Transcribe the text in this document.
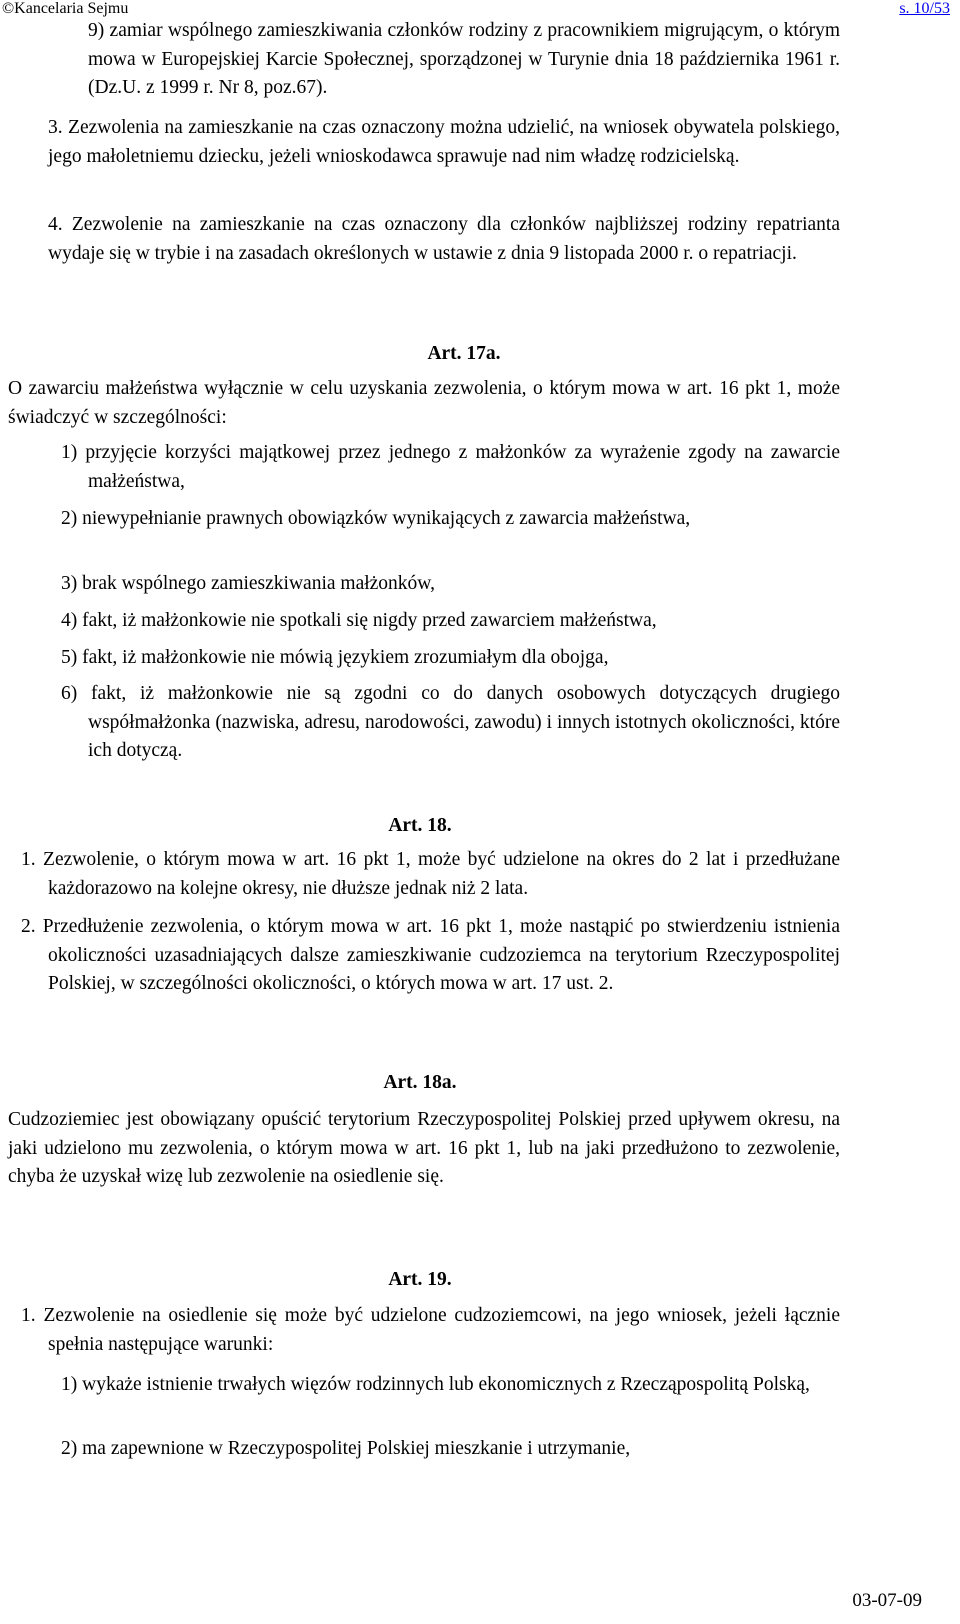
©Kancelaria Sejmu	s. 10/53

9) zamiar wspólnego zamieszkiwania członków rodziny z pracownikiem migrującym, o którym mowa w Europejskiej Karcie Społecznej, sporządzonej w Turynie dnia 18 października 1961 r. (Dz.U. z 1999 r. Nr 8, poz.67).

3. Zezwolenia na zamieszkanie na czas oznaczony można udzielić, na wniosek obywatela polskiego, jego małoletniemu dziecku, jeżeli wnioskodawca sprawuje nad nim władzę rodzicielską.

4. Zezwolenie na zamieszkanie na czas oznaczony dla członków najbliższej rodziny repatrianta wydaje się w trybie i na zasadach określonych w ustawie z dnia 9 listopada 2000 r. o repatriacji.

Art. 17a.

O zawarciu małżeństwa wyłącznie w celu uzyskania zezwolenia, o którym mowa w art. 16 pkt 1, może świadczyć w szczególności:

1) przyjęcie korzyści majątkowej przez jednego z małżonków za wyrażenie zgody na zawarcie małżeństwa,

2) niewypełnianie prawnych obowiązków wynikających z zawarcia małżeństwa,

3) brak wspólnego zamieszkiwania małżonków,

4) fakt, iż małżonkowie nie spotkali się nigdy przed zawarciem małżeństwa,

5) fakt, iż małżonkowie nie mówią językiem zrozumiałym dla obojga,

6) fakt, iż małżonkowie nie są zgodni co do danych osobowych dotyczących drugiego współmałżonka (nazwiska, adresu, narodowości, zawodu) i innych istotnych okoliczności, które ich dotyczą.

Art. 18.

1. Zezwolenie, o którym mowa w art. 16 pkt 1, może być udzielone na okres do 2 lat i przedłużane każdorazowo na kolejne okresy, nie dłuższe jednak niż 2 lata.

2. Przedłużenie zezwolenia, o którym mowa w art. 16 pkt 1, może nastąpić po stwierdzeniu istnienia okoliczności uzasadniających dalsze zamieszkiwanie cudzoziemca na terytorium Rzeczypospolitej Polskiej, w szczególności okoliczności, o których mowa w art. 17 ust. 2.

Art. 18a.

Cudzoziemiec jest obowiązany opuścić terytorium Rzeczypospolitej Polskiej przed upływem okresu, na jaki udzielono mu zezwolenia, o którym mowa w art. 16 pkt 1, lub na jaki przedłużono to zezwolenie, chyba że uzyskał wizę lub zezwolenie na osiedlenie się.

Art. 19.

1. Zezwolenie na osiedlenie się może być udzielone cudzoziemcowi, na jego wniosek, jeżeli łącznie spełnia następujące warunki:

1) wykaże istnienie trwałych więzów rodzinnych lub ekonomicznych z Rzecząpospolitą Polską,

2) ma zapewnione w Rzeczypospolitej Polskiej mieszkanie i utrzymanie,

03-07-09
